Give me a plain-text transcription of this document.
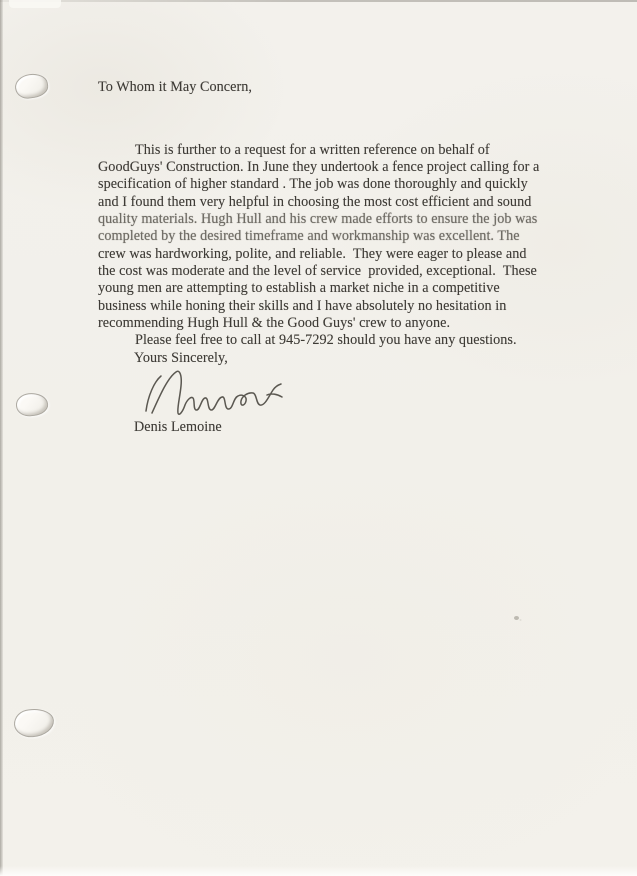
To Whom it May Concern,

This is further to a request for a written reference on behalf of
GoodGuys' Construction. In June they undertook a fence project calling for a
specification of higher standard . The job was done thoroughly and quickly
and I found them very helpful in choosing the most cost efficient and sound
quality materials. Hugh Hull and his crew made efforts to ensure the job was
completed by the desired timeframe and workmanship was excellent. The
crew was hardworking, polite, and reliable.  They were eager to please and
the cost was moderate and the level of service  provided, exceptional.  These
young men are attempting to establish a market niche in a competitive
business while honing their skills and I have absolutely no hesitation in
recommending Hugh Hull & the Good Guys' crew to anyone.
Please feel free to call at 945-7292 should you have any questions.

Yours Sincerely,
Denis Lemoine
